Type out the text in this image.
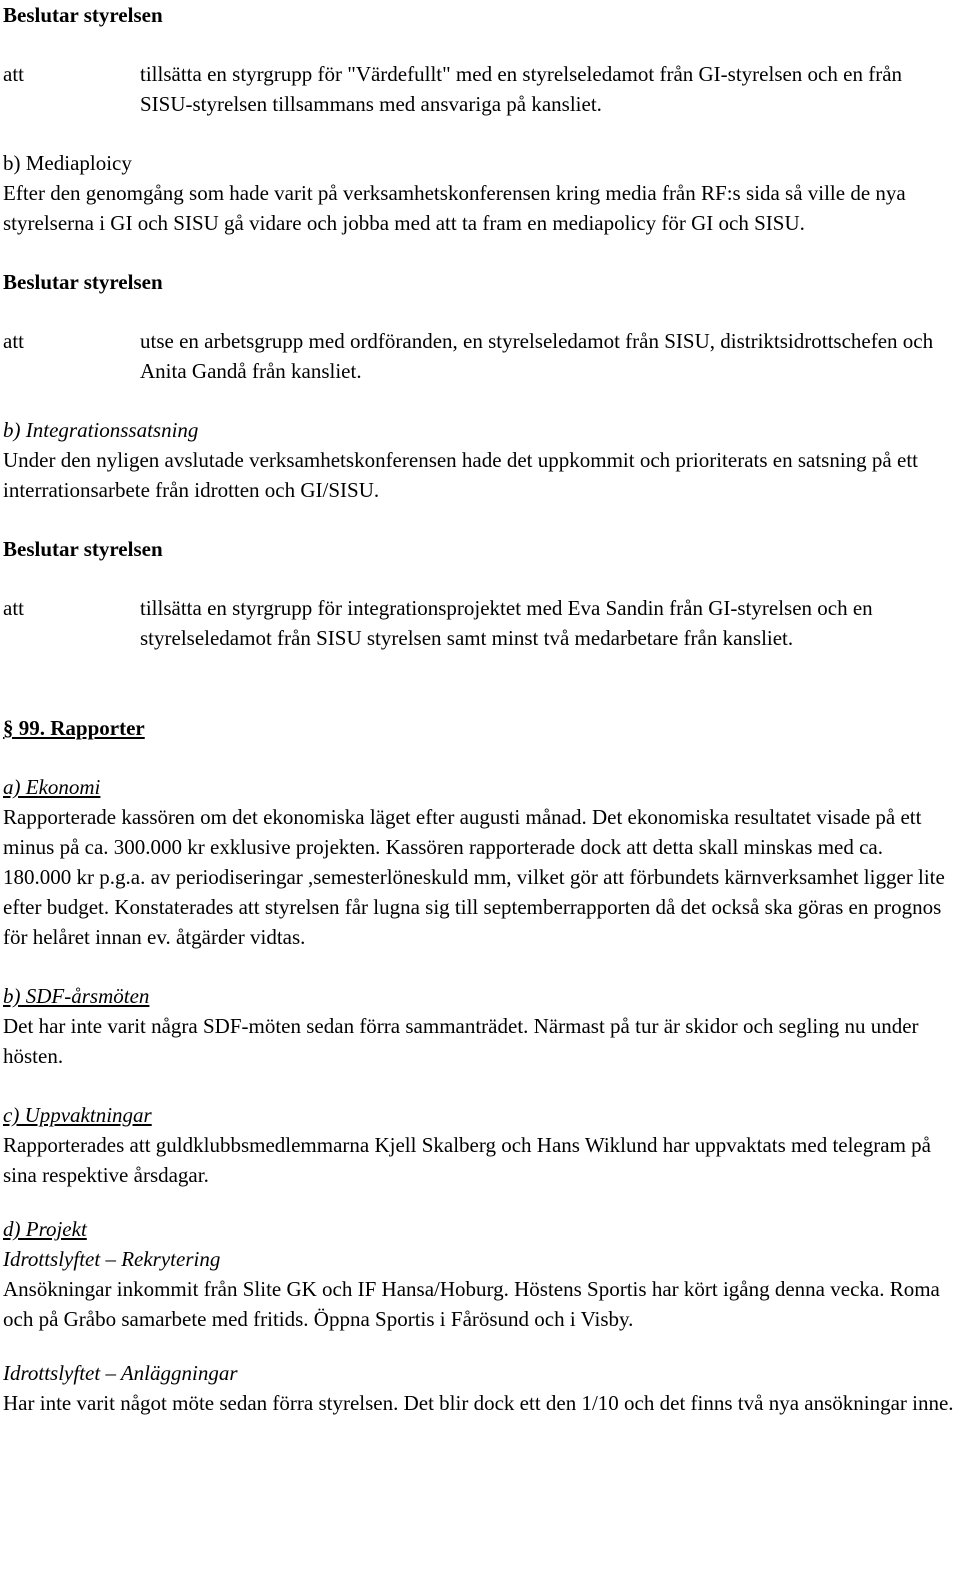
Beslutar styrelsen

att	tillsätta en styrgrupp för "Värdefullt" med en styrelseledamot från GI-styrelsen och en från SISU-styrelsen tillsammans med ansvariga på kansliet.

b) Mediaploicy

Efter den genomgång som hade varit på verksamhetskonferensen kring media från RF:s sida så ville de nya styrelserna i GI och SISU gå vidare och jobba med att ta fram en mediapolicy för GI och SISU.

Beslutar styrelsen

att	utse en arbetsgrupp med ordföranden, en styrelseledamot från SISU, distriktsidrottschefen och Anita Gandå från kansliet.

b) Integrationssatsning

Under den nyligen avslutade verksamhetskonferensen hade det uppkommit och prioriterats en satsning på ett interrationsarbete från idrotten och GI/SISU.

Beslutar styrelsen

att	tillsätta en styrgrupp för integrationsprojektet med Eva Sandin från GI-styrelsen och en styrelseledamot från SISU styrelsen samt minst två medarbetare från kansliet.

§ 99. Rapporter

a) Ekonomi

Rapporterade kassören om det ekonomiska läget efter augusti månad. Det ekonomiska resultatet visade på ett minus på ca. 300.000 kr exklusive projekten. Kassören rapporterade dock att detta skall minskas med ca. 180.000 kr p.g.a. av periodiseringar ,semesterlöneskuld mm, vilket gör att förbundets kärnverksamhet ligger lite efter budget. Konstaterades att styrelsen får lugna sig till septemberrapporten då det också ska göras en prognos för helåret innan ev. åtgärder vidtas.

b) SDF-årsmöten

Det har inte varit några SDF-möten sedan förra sammanträdet. Närmast på tur är skidor och segling nu under hösten.

c) Uppvaktningar

Rapporterades att guldklubbsmedlemmarna Kjell Skalberg och Hans Wiklund har uppvaktats med telegram på sina respektive årsdagar.

d) Projekt

Idrottslyftet – Rekrytering

Ansökningar inkommit från Slite GK och IF Hansa/Hoburg. Höstens Sportis har kört igång denna vecka. Roma och på Gråbo samarbete med fritids. Öppna Sportis i Fårösund och i Visby.

Idrottslyftet – Anläggningar

Har inte varit något möte sedan förra styrelsen. Det blir dock ett den 1/10 och det finns två nya ansökningar inne.
